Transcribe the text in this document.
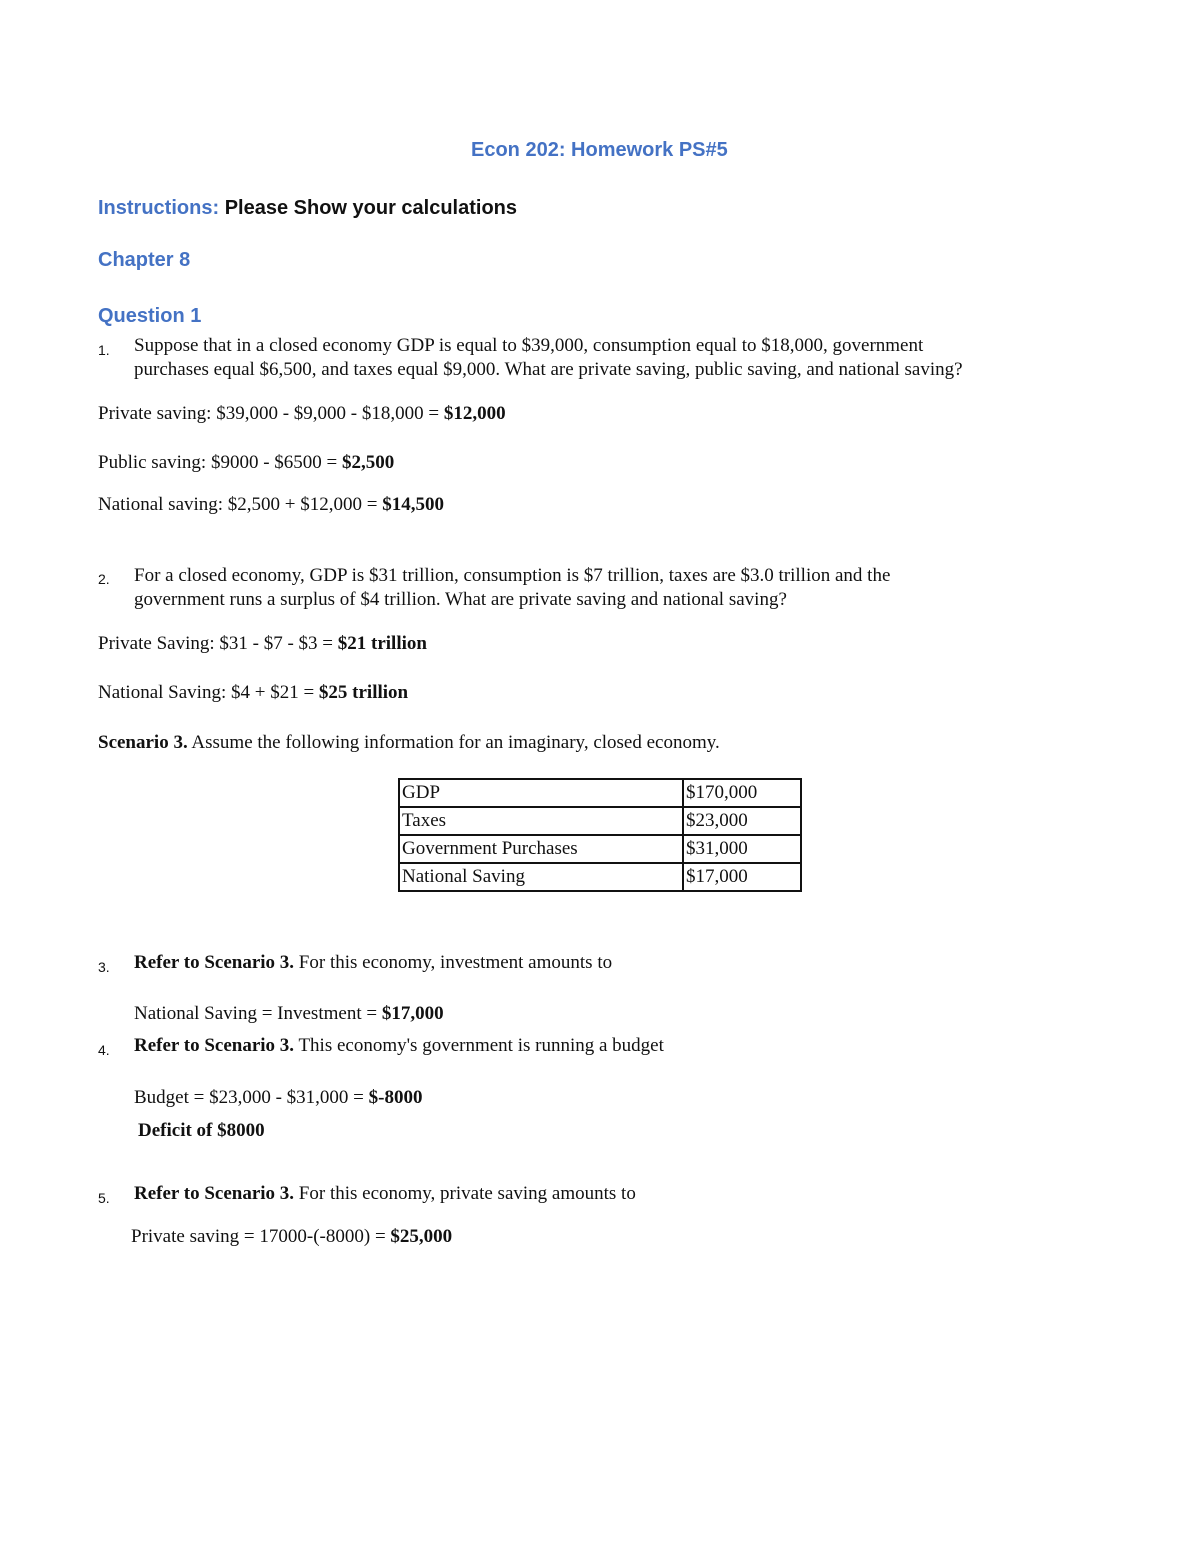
Econ 202: Homework PS#5
Instructions: Please Show your calculations
Chapter 8
Question 1
1. Suppose that in a closed economy GDP is equal to $39,000, consumption equal to $18,000, government
purchases equal $6,500, and taxes equal $9,000. What are private saving, public saving, and national saving?
Private saving: $39,000 - $9,000 - $18,000 = $12,000
Public saving: $9000 - $6500 = $2,500
National saving: $2,500 + $12,000 = $14,500
2. For a closed economy, GDP is $31 trillion, consumption is $7 trillion, taxes are $3.0 trillion and the
government runs a surplus of $4 trillion. What are private saving and national saving?
Private Saving: $31 - $7 - $3 = $21 trillion
National Saving: $4 + $21 = $25 trillion
Scenario 3. Assume the following information for an imaginary, closed economy.
GDP	$170,000
Taxes	$23,000
Government Purchases	$31,000
National Saving	$17,000
3. Refer to Scenario 3. For this economy, investment amounts to
National Saving = Investment = $17,000
4. Refer to Scenario 3. This economy's government is running a budget
Budget = $23,000 - $31,000 = $-8000
Deficit of $8000
5. Refer to Scenario 3. For this economy, private saving amounts to
Private saving = 17000-(-8000) = $25,000
